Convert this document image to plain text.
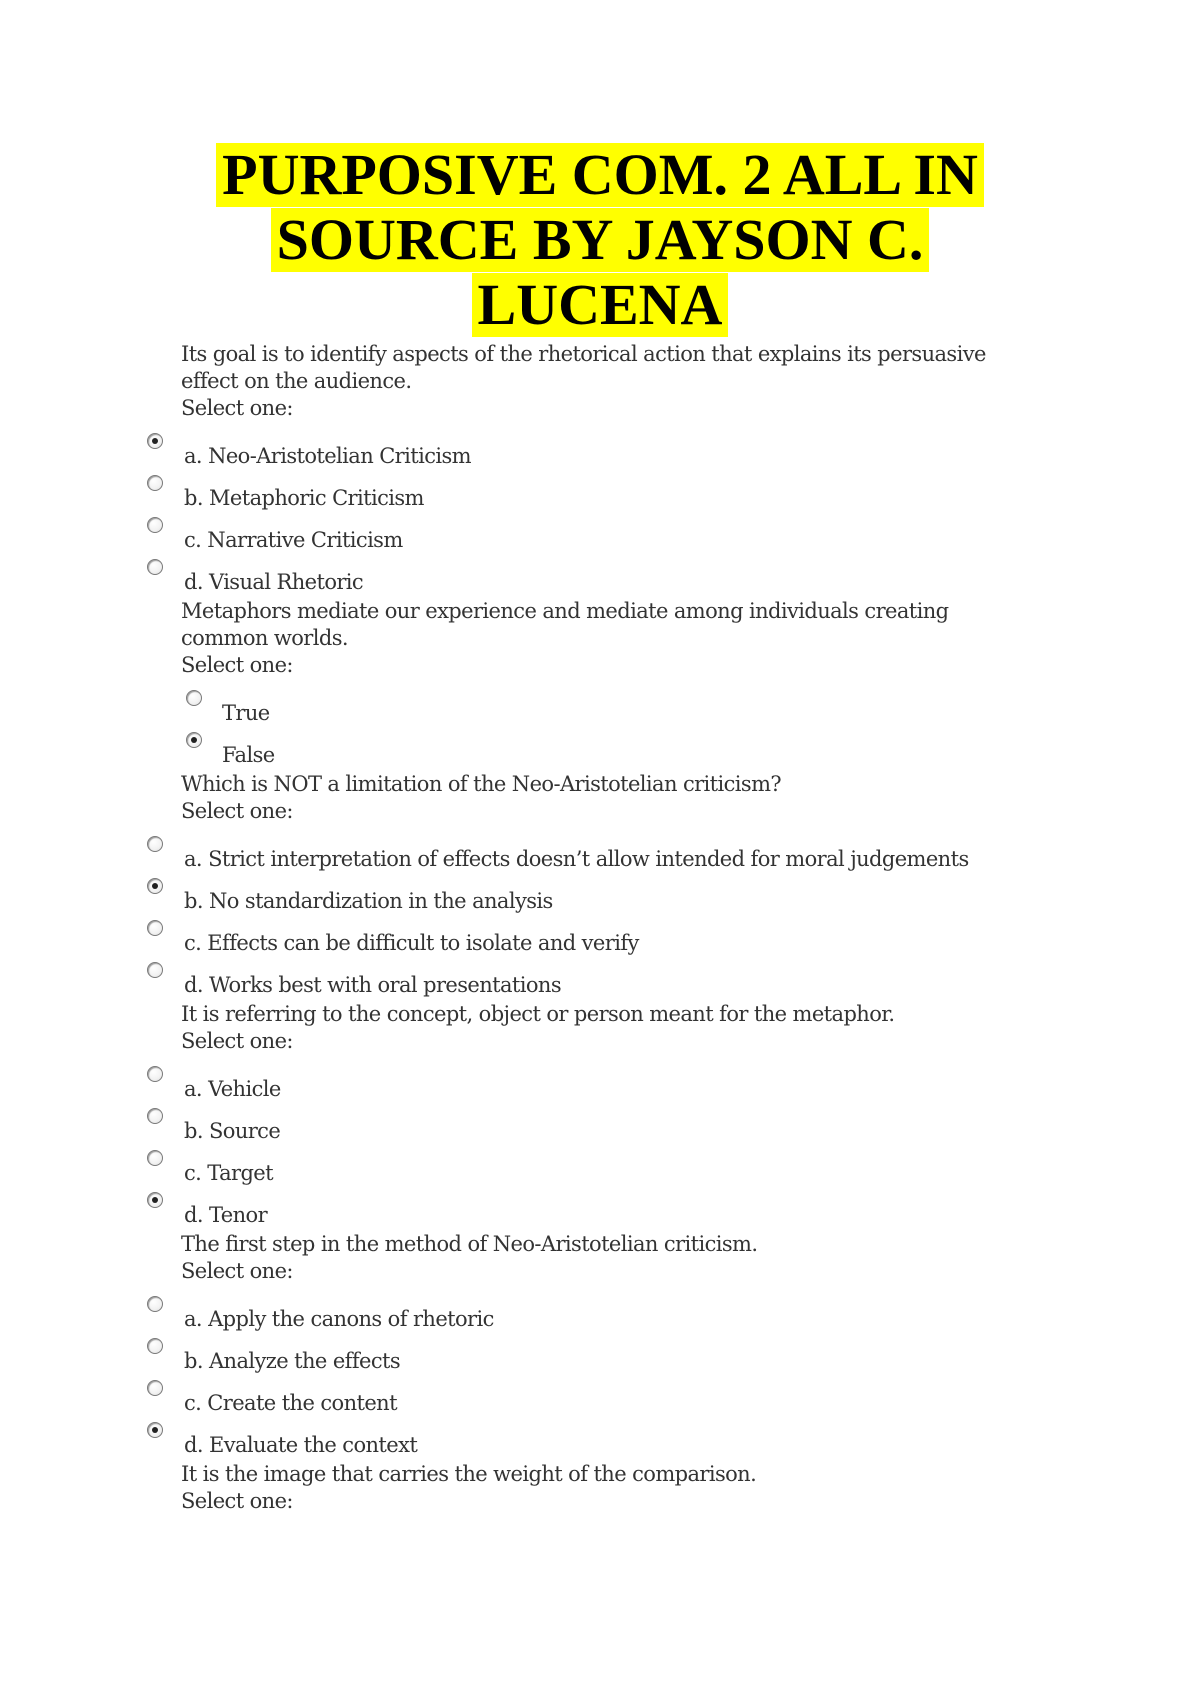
PURPOSIVE COM. 2 ALL IN
SOURCE BY JAYSON C.
LUCENA
Its goal is to identify aspects of the rhetorical action that explains its persuasive effect on the audience.
Select one:
a. Neo-Aristotelian Criticism
b. Metaphoric Criticism
c. Narrative Criticism
d. Visual Rhetoric
Metaphors mediate our experience and mediate among individuals creating common worlds.
Select one:
True
False
Which is NOT a limitation of the Neo-Aristotelian criticism?
Select one:
a. Strict interpretation of effects doesn’t allow intended for moral judgements
b. No standardization in the analysis
c. Effects can be difficult to isolate and verify
d. Works best with oral presentations
It is referring to the concept, object or person meant for the metaphor.
Select one:
a. Vehicle
b. Source
c. Target
d. Tenor
The first step in the method of Neo-Aristotelian criticism.
Select one:
a. Apply the canons of rhetoric
b. Analyze the effects
c. Create the content
d. Evaluate the context
It is the image that carries the weight of the comparison.
Select one:
